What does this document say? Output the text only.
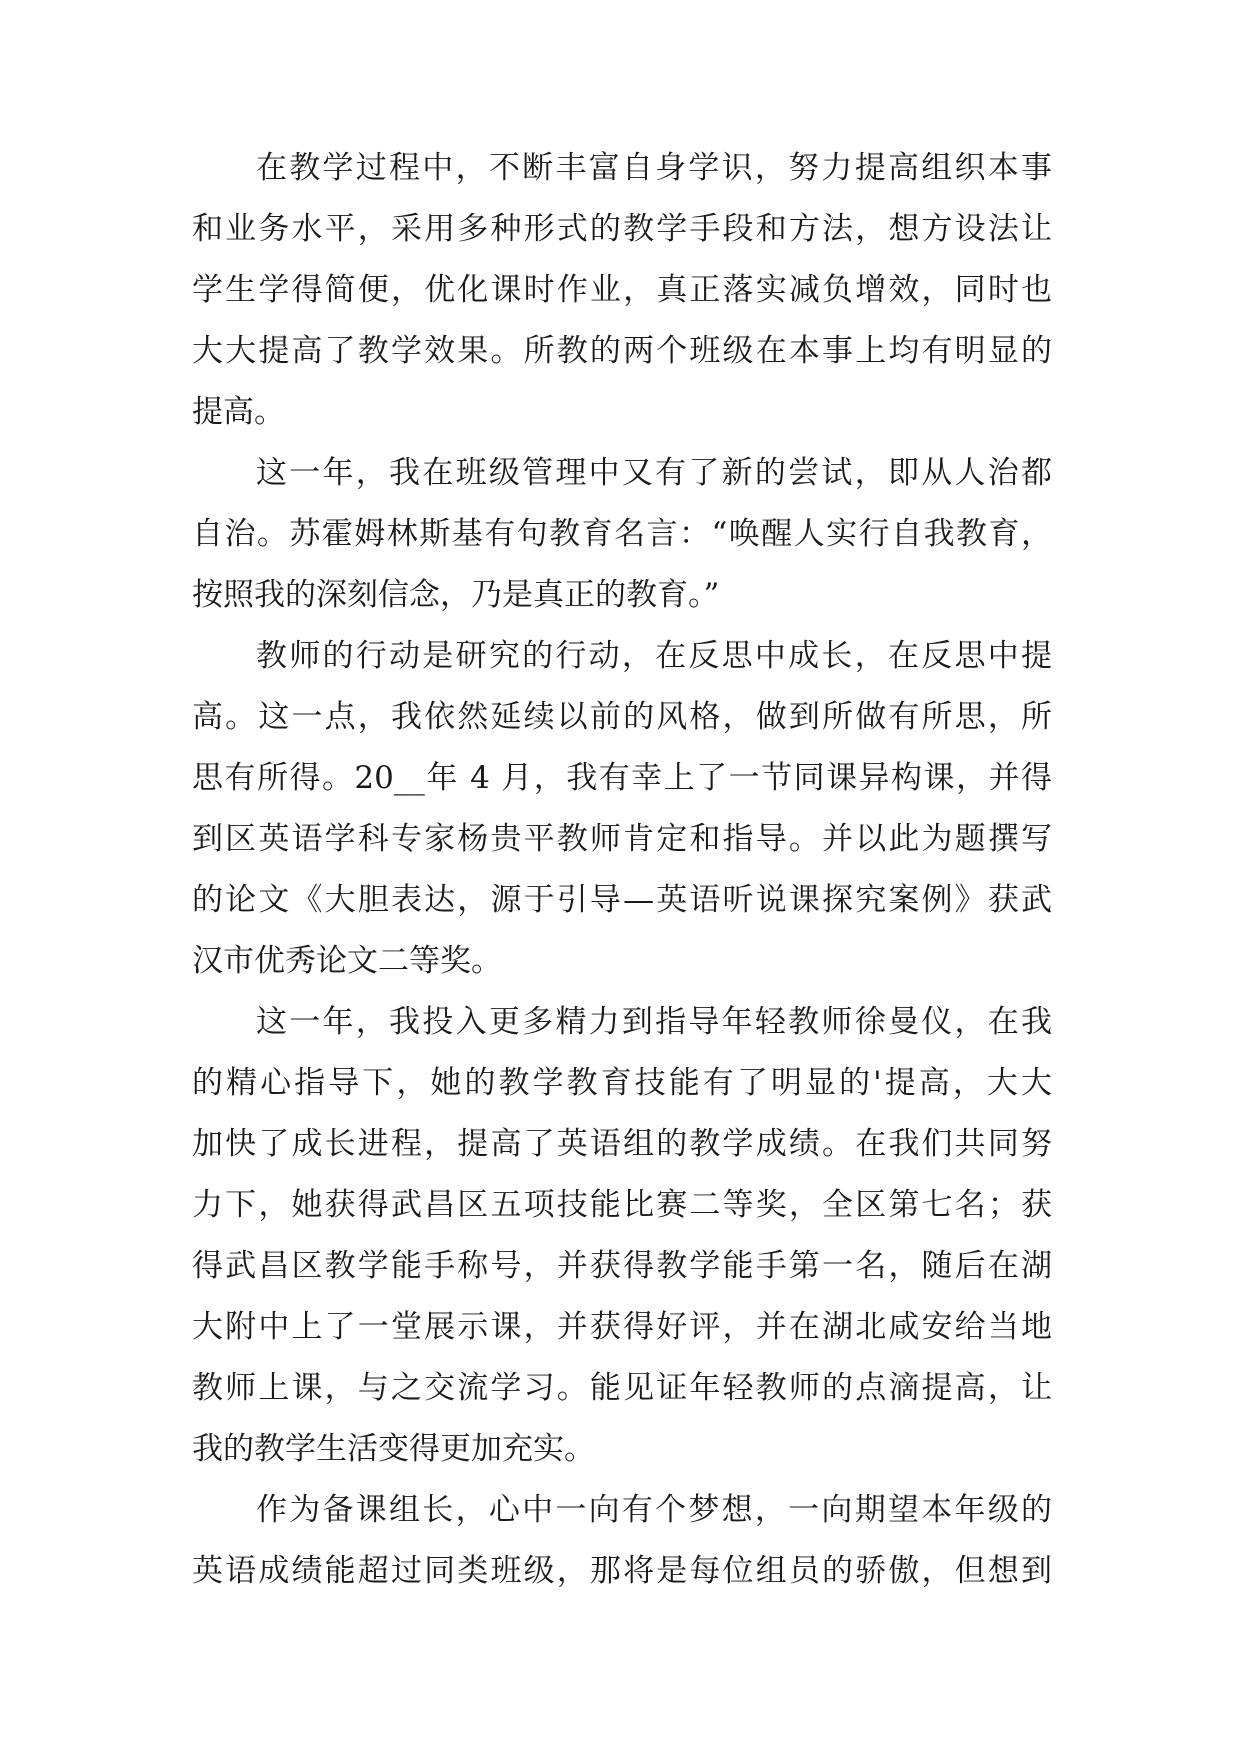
在教学过程中，不断丰富自身学识，努力提高组织本事
和业务水平，采用多种形式的教学手段和方法，想方设法让
学生学得简便，优化课时作业，真正落实减负增效，同时也
大大提高了教学效果。所教的两个班级在本事上均有明显的
提高。
这一年，我在班级管理中又有了新的尝试，即从人治都
自治。苏霍姆林斯基有句教育名言：“唤醒人实行自我教育，
按照我的深刻信念，乃是真正的教育。”
教师的行动是研究的行动，在反思中成长，在反思中提
高。这一点，我依然延续以前的风格，做到所做有所思，所
思有所得。20__年 4 月，我有幸上了一节同课异构课，并得
到区英语学科专家杨贵平教师肯定和指导。并以此为题撰写
的论文《大胆表达，源于引导—英语听说课探究案例》获武
汉市优秀论文二等奖。
这一年，我投入更多精力到指导年轻教师徐曼仪，在我
的精心指导下，她的教学教育技能有了明显的'提高，大大
加快了成长进程，提高了英语组的教学成绩。在我们共同努
力下，她获得武昌区五项技能比赛二等奖，全区第七名；获
得武昌区教学能手称号，并获得教学能手第一名，随后在湖
大附中上了一堂展示课，并获得好评，并在湖北咸安给当地
教师上课，与之交流学习。能见证年轻教师的点滴提高，让
我的教学生活变得更加充实。
作为备课组长，心中一向有个梦想，一向期望本年级的
英语成绩能超过同类班级，那将是每位组员的骄傲，但想到
